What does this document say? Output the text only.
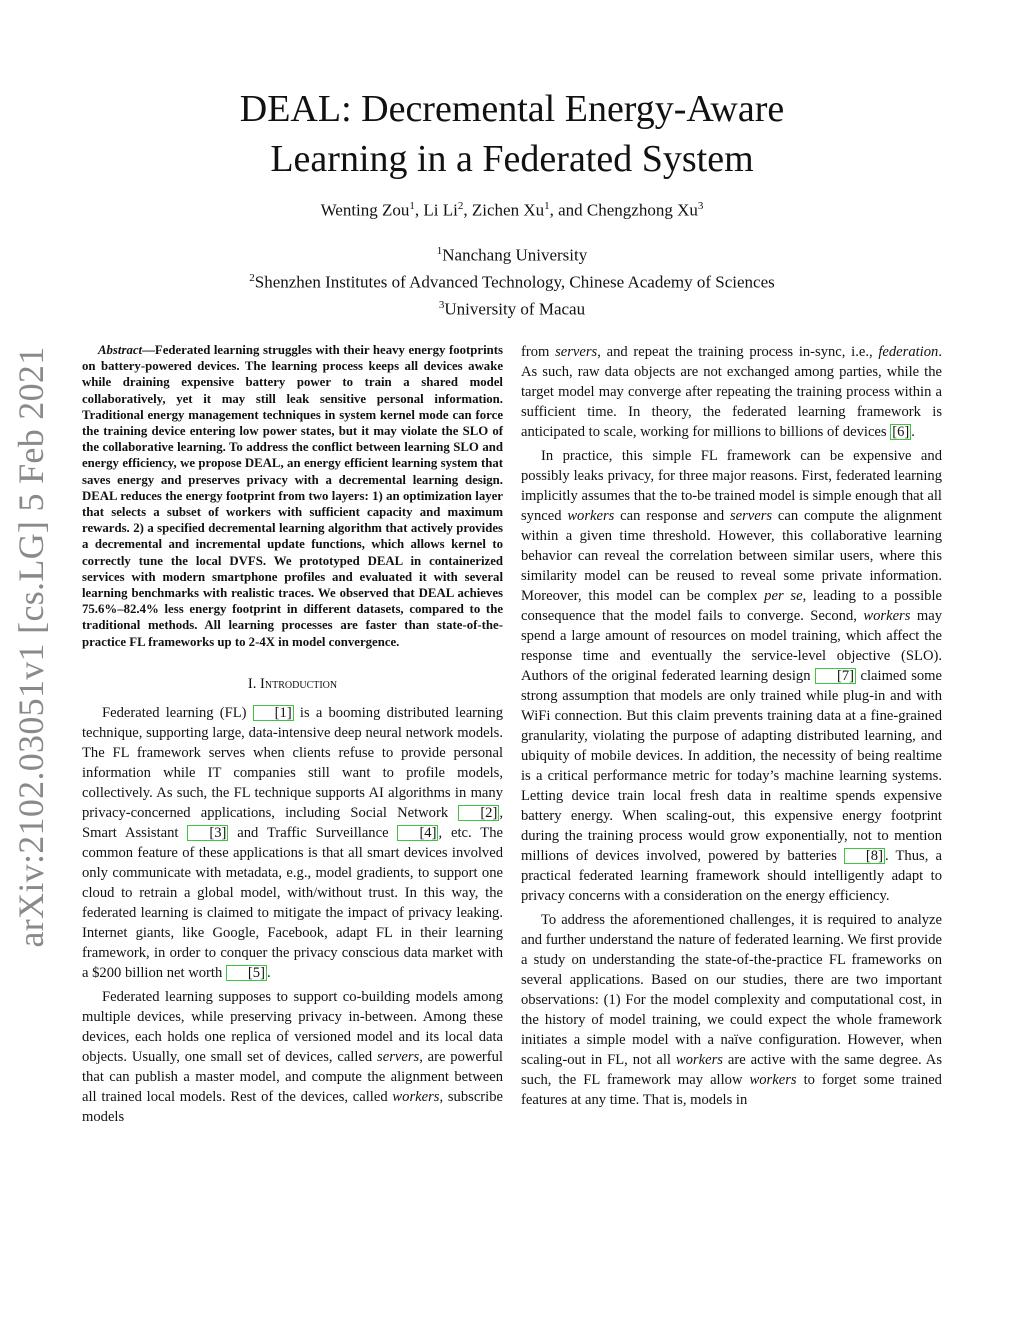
arXiv:2102.03051v1 [cs.LG] 5 Feb 2021
DEAL: Decremental Energy-Aware
Learning in a Federated System
Wenting Zou$^1$, Li Li$^2$, Zichen Xu$^1$, and Chengzhong Xu$^3$
$^1$Nanchang University
$^2$Shenzhen Institutes of Advanced Technology, Chinese Academy of Sciences
$^3$University of Macau

Abstract—Federated learning struggles with their heavy energy footprints on battery-powered devices. The learning process keeps all devices awake while draining expensive battery power to train a shared model collaboratively, yet it may still leak sensitive personal information. Traditional energy management techniques in system kernel mode can force the training device entering low power states, but it may violate the SLO of the collaborative learning. To address the conflict between learning SLO and energy efficiency, we propose DEAL, an energy efficient learning system that saves energy and preserves privacy with a decremental learning design. DEAL reduces the energy footprint from two layers: 1) an optimization layer that selects a subset of workers with sufficient capacity and maximum rewards. 2) a specified decremental learning algorithm that actively provides a decremental and incremental update functions, which allows kernel to correctly tune the local DVFS. We prototyped DEAL in containerized services with modern smartphone profiles and evaluated it with several learning benchmarks with realistic traces. We observed that DEAL achieves 75.6%–82.4% less energy footprint in different datasets, compared to the traditional methods. All learning processes are faster than state-of-the-practice FL frameworks up to 2-4X in model convergence.

I. Introduction

Federated learning (FL) [1] is a booming distributed learning technique, supporting large, data-intensive deep neural network models. The FL framework serves when clients refuse to provide personal information while IT companies still want to profile models, collectively. As such, the FL technique supports AI algorithms in many privacy-concerned applications, including Social Network [2] , Smart Assistant [3] and Traffic Surveillance [4] , etc. The common feature of these applications is that all smart devices involved only communicate with metadata, e.g., model gradients, to support one cloud to retrain a global model, with/without trust. In this way, the federated learning is claimed to mitigate the impact of privacy leaking. Internet giants, like Google, Facebook, adapt FL in their learning framework, in order to conquer the privacy conscious data market with a $200 billion net worth [5] .

Federated learning supposes to support co-building models among multiple devices, while preserving privacy in-between. Among these devices, each holds one replica of versioned model and its local data objects. Usually, one small set of devices, called servers, are powerful that can publish a master model, and compute the alignment between all trained local models. Rest of the devices, called workers, subscribe models

from servers, and repeat the training process in-sync, i.e., federation. As such, raw data objects are not exchanged among parties, while the target model may converge after repeating the training process within a sufficient time. In theory, the federated learning framework is anticipated to scale, working for millions to billions of devices [6] .

In practice, this simple FL framework can be expensive and possibly leaks privacy, for three major reasons. First, federated learning implicitly assumes that the to-be trained model is simple enough that all synced workers can response and servers can compute the alignment within a given time threshold. However, this collaborative learning behavior can reveal the correlation between similar users, where this similarity model can be reused to reveal some private information. Moreover, this model can be complex per se, leading to a possible consequence that the model fails to converge. Second, workers may spend a large amount of resources on model training, which affect the response time and eventually the service-level objective (SLO). Authors of the original federated learning design [7] claimed some strong assumption that models are only trained while plug-in and with WiFi connection. But this claim prevents training data at a fine-grained granularity, violating the purpose of adapting distributed learning, and ubiquity of mobile devices. In addition, the necessity of being realtime is a critical performance metric for today’s machine learning systems. Letting device train local fresh data in realtime spends expensive battery energy. When scaling-out, this expensive energy footprint during the training process would grow exponentially, not to mention millions of devices involved, powered by batteries [8] . Thus, a practical federated learning framework should intelligently adapt to privacy concerns with a consideration on the energy efficiency.

To address the aforementioned challenges, it is required to analyze and further understand the nature of federated learning. We first provide a study on understanding the state-of-the-practice FL frameworks on several applications. Based on our studies, there are two important observations: (1) For the model complexity and computational cost, in the history of model training, we could expect the whole framework initiates a simple model with a naïve configuration. However, when scaling-out in FL, not all workers are active with the same degree. As such, the FL framework may allow workers to forget some trained features at any time. That is, models in
